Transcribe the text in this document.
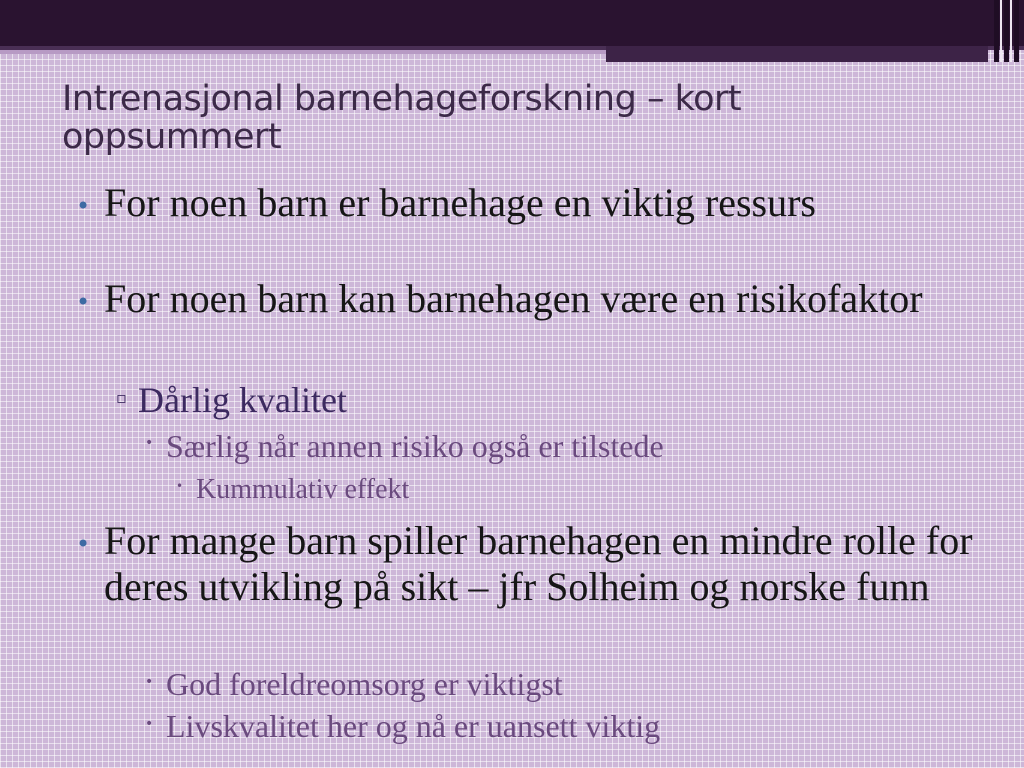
Intrenasjonal barnehageforskning – kort oppsummert
• For noen barn er barnehage en viktig ressurs
• For noen barn kan barnehagen være en risikofaktor
▫ Dårlig kvalitet
• Særlig når annen risiko også er tilstede
• Kummulativ effekt
• For mange barn spiller barnehagen en mindre rolle for deres utvikling på sikt – jfr Solheim og norske funn
• God foreldreomsorg er viktigst
• Livskvalitet her og nå er uansett viktig
